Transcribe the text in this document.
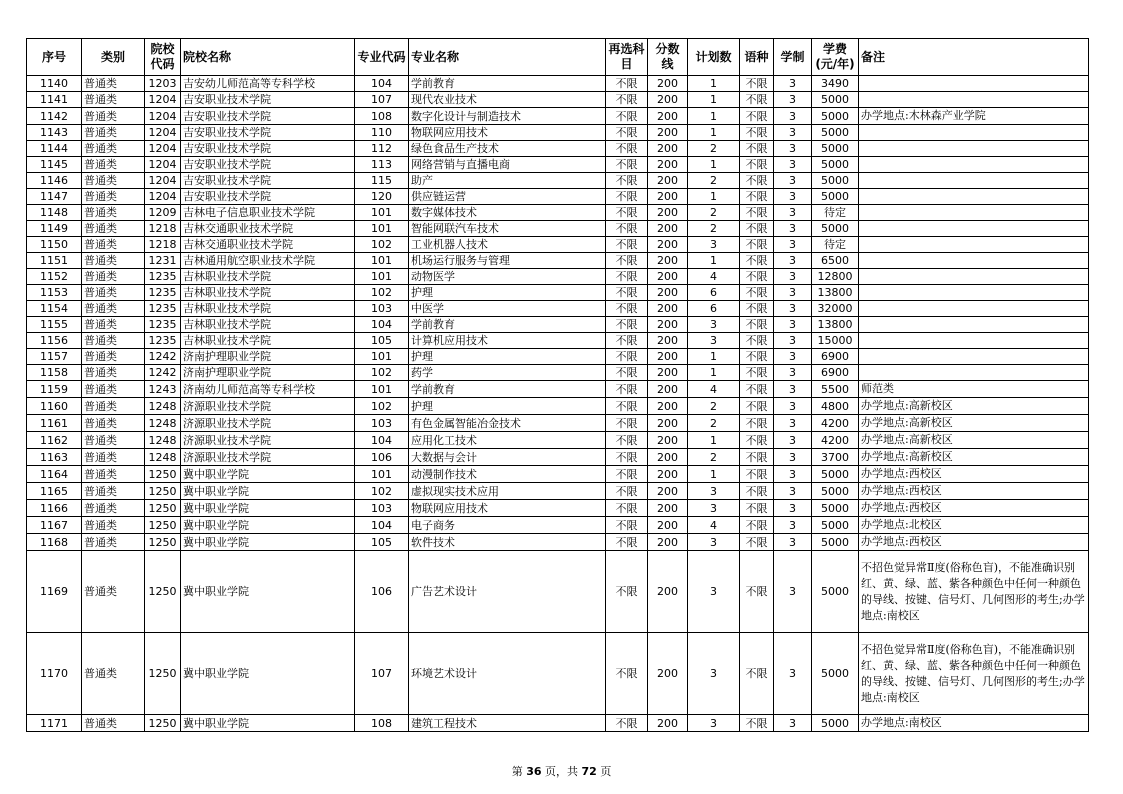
序号	类别	院校代码	院校名称	专业代码	专业名称	再选科目	分数线	计划数	语种	学制	学费(元/年)	备注
1140	普通类	1203	吉安幼儿师范高等专科学校	104	学前教育	不限	200	1	不限	3	3490	
1141	普通类	1204	吉安职业技术学院	107	现代农业技术	不限	200	1	不限	3	5000	
1142	普通类	1204	吉安职业技术学院	108	数字化设计与制造技术	不限	200	1	不限	3	5000	办学地点:木林森产业学院
1143	普通类	1204	吉安职业技术学院	110	物联网应用技术	不限	200	1	不限	3	5000	
1144	普通类	1204	吉安职业技术学院	112	绿色食品生产技术	不限	200	2	不限	3	5000	
1145	普通类	1204	吉安职业技术学院	113	网络营销与直播电商	不限	200	1	不限	3	5000	
1146	普通类	1204	吉安职业技术学院	115	助产	不限	200	2	不限	3	5000	
1147	普通类	1204	吉安职业技术学院	120	供应链运营	不限	200	1	不限	3	5000	
1148	普通类	1209	吉林电子信息职业技术学院	101	数字媒体技术	不限	200	2	不限	3	待定	
1149	普通类	1218	吉林交通职业技术学院	101	智能网联汽车技术	不限	200	2	不限	3	5000	
1150	普通类	1218	吉林交通职业技术学院	102	工业机器人技术	不限	200	3	不限	3	待定	
1151	普通类	1231	吉林通用航空职业技术学院	101	机场运行服务与管理	不限	200	1	不限	3	6500	
1152	普通类	1235	吉林职业技术学院	101	动物医学	不限	200	4	不限	3	12800	
1153	普通类	1235	吉林职业技术学院	102	护理	不限	200	6	不限	3	13800	
1154	普通类	1235	吉林职业技术学院	103	中医学	不限	200	6	不限	3	32000	
1155	普通类	1235	吉林职业技术学院	104	学前教育	不限	200	3	不限	3	13800	
1156	普通类	1235	吉林职业技术学院	105	计算机应用技术	不限	200	3	不限	3	15000	
1157	普通类	1242	济南护理职业学院	101	护理	不限	200	1	不限	3	6900	
1158	普通类	1242	济南护理职业学院	102	药学	不限	200	1	不限	3	6900	
1159	普通类	1243	济南幼儿师范高等专科学校	101	学前教育	不限	200	4	不限	3	5500	师范类
1160	普通类	1248	济源职业技术学院	102	护理	不限	200	2	不限	3	4800	办学地点:高新校区
1161	普通类	1248	济源职业技术学院	103	有色金属智能冶金技术	不限	200	2	不限	3	4200	办学地点:高新校区
1162	普通类	1248	济源职业技术学院	104	应用化工技术	不限	200	1	不限	3	4200	办学地点:高新校区
1163	普通类	1248	济源职业技术学院	106	大数据与会计	不限	200	2	不限	3	3700	办学地点:高新校区
1164	普通类	1250	冀中职业学院	101	动漫制作技术	不限	200	1	不限	3	5000	办学地点:西校区
1165	普通类	1250	冀中职业学院	102	虚拟现实技术应用	不限	200	3	不限	3	5000	办学地点:西校区
1166	普通类	1250	冀中职业学院	103	物联网应用技术	不限	200	3	不限	3	5000	办学地点:西校区
1167	普通类	1250	冀中职业学院	104	电子商务	不限	200	4	不限	3	5000	办学地点:北校区
1168	普通类	1250	冀中职业学院	105	软件技术	不限	200	3	不限	3	5000	办学地点:西校区
1169	普通类	1250	冀中职业学院	106	广告艺术设计	不限	200	3	不限	3	5000	不招色觉异常Ⅱ度(俗称色盲)，不能准确识别红、黄、绿、蓝、紫各种颜色中任何一种颜色的导线、按键、信号灯、几何图形的考生;办学地点:南校区
1170	普通类	1250	冀中职业学院	107	环境艺术设计	不限	200	3	不限	3	5000	不招色觉异常Ⅱ度(俗称色盲)，不能准确识别红、黄、绿、蓝、紫各种颜色中任何一种颜色的导线、按键、信号灯、几何图形的考生;办学地点:南校区
1171	普通类	1250	冀中职业学院	108	建筑工程技术	不限	200	3	不限	3	5000	办学地点:南校区
第 36 页，共 72 页
